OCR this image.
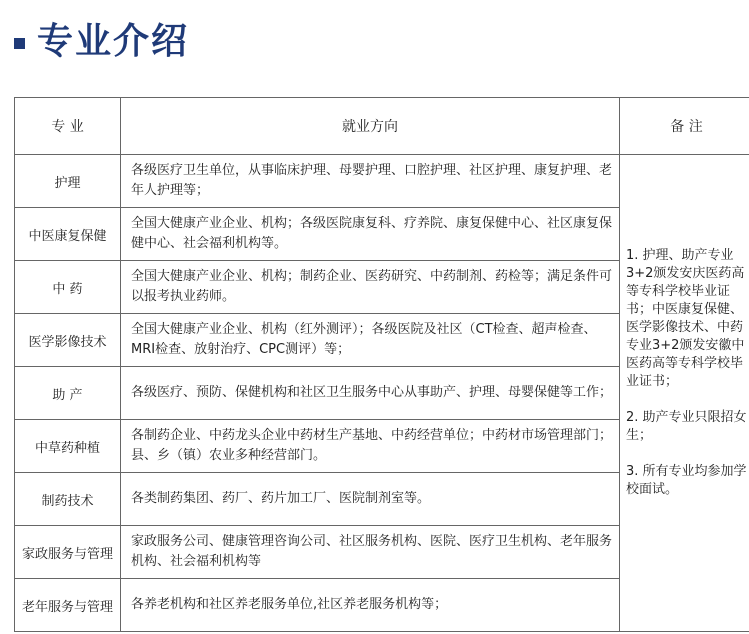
专业介绍
专 业	就业方向	备 注
护理	各级医疗卫生单位，从事临床护理、母婴护理、口腔护理、社区护理、康复护理、老年人护理等；	1. 护理、助产专业3+2颁发安庆医药高等专科学校毕业证书；中医康复保健、医学影像技术、中药专业3+2颁发安徽中医药高等专科学校毕业证书；

2. 助产专业只限招女生；

3. 所有专业均参加学校面试。

中医康复保健	全国大健康产业企业、机构；各级医院康复科、疗养院、康复保健中心、社区康复保健中心、社会福利机构等。	
中 药	全国大健康产业企业、机构；制药企业、医药研究、中药制剂、药检等；满足条件可以报考执业药师。	
医学影像技术	全国大健康产业企业、机构（红外测评）；各级医院及社区（CT检查、超声检查、MRI检查、放射治疗、CPC测评）等；	
助 产	各级医疗、预防、保健机构和社区卫生服务中心从事助产、护理、母婴保健等工作；	
中草药种植	各制药企业、中药龙头企业中药材生产基地、中药经营单位；中药材市场管理部门；县、乡（镇）农业多种经营部门。	
制药技术	各类制药集团、药厂、药片加工厂、医院制剂室等。	
家政服务与管理	家政服务公司、健康管理咨询公司、社区服务机构、医院、医疗卫生机构、老年服务机构、社会福利机构等	
老年服务与管理	各养老机构和社区养老服务单位,社区养老服务机构等；	
